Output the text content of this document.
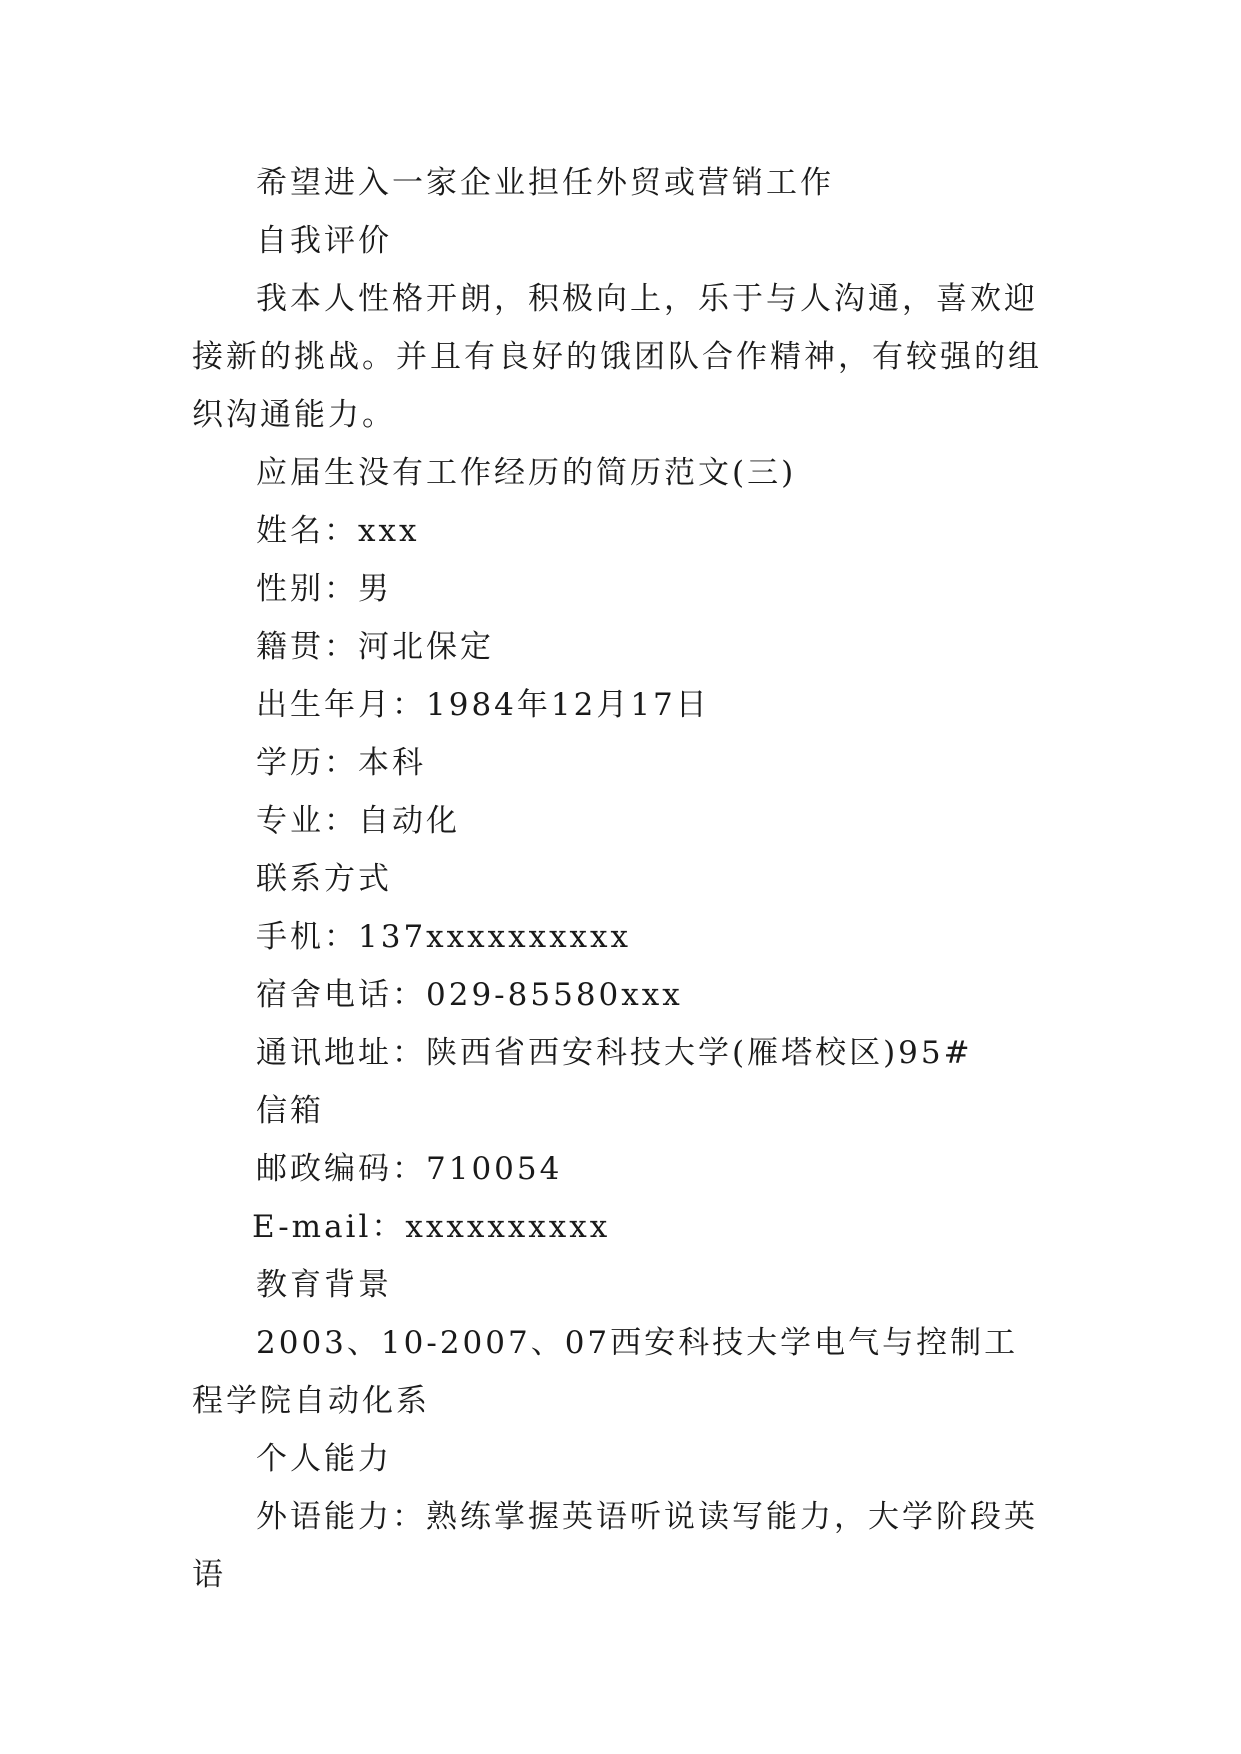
希望进入一家企业担任外贸或营销工作

自我评价

我本人性格开朗，积极向上，乐于与人沟通，喜欢迎接新的挑战。并且有良好的饿团队合作精神，有较强的组织沟通能力。

应届生没有工作经历的简历范文(三)

姓名：xxx

性别：男

籍贯：河北保定

出生年月：1984年12月17日

学历：本科

专业：自动化

联系方式

手机：137xxxxxxxxxx

宿舍电话：029-85580xxx

通讯地址：陕西省西安科技大学(雁塔校区)95#

信箱

邮政编码：710054

E-mail：xxxxxxxxxx

教育背景

2003、10-2007、07西安科技大学电气与控制工程学院自动化系

个人能力

外语能力：熟练掌握英语听说读写能力，大学阶段英语
